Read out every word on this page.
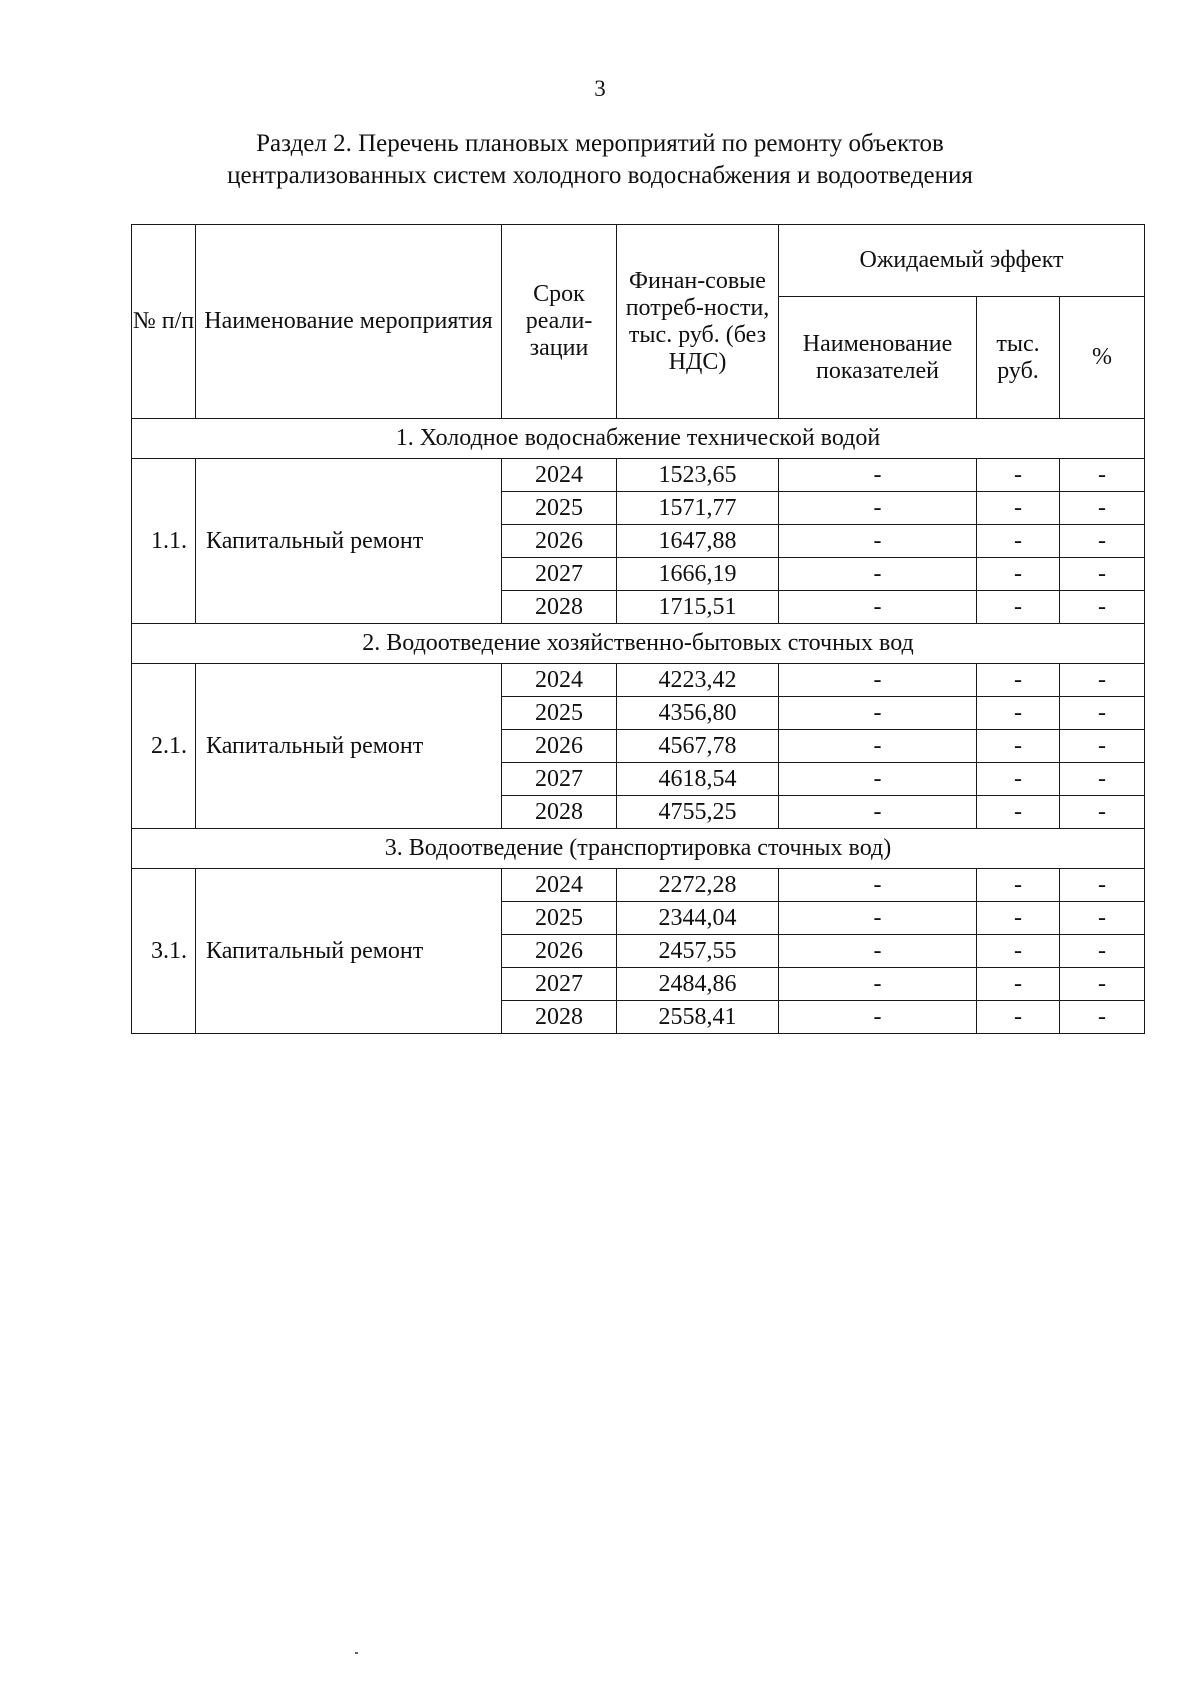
3
Раздел 2. Перечень плановых мероприятий по ремонту объектов
централизованных систем холодного водоснабжения и водоотведения
№ п/п	Наименование мероприятия	Срок реали-зации	Финан-совые потреб-ности, тыс. руб. (без НДС)	Ожидаемый эффект		
				Наименование показателей	тыс. руб.	%
1. Холодное водоснабжение технической водой						
1.1.	Капитальный ремонт	2024	1523,65	-	-	-
		2025	1571,77	-	-	-
		2026	1647,88	-	-	-
		2027	1666,19	-	-	-
		2028	1715,51	-	-	-
2. Водоотведение хозяйственно-бытовых сточных вод						
2.1.	Капитальный ремонт	2024	4223,42	-	-	-
		2025	4356,80	-	-	-
		2026	4567,78	-	-	-
		2027	4618,54	-	-	-
		2028	4755,25	-	-	-
3. Водоотведение (транспортировка сточных вод)						
3.1.	Капитальный ремонт	2024	2272,28	-	-	-
		2025	2344,04	-	-	-
		2026	2457,55	-	-	-
		2027	2484,86	-	-	-
		2028	2558,41	-	-	-
